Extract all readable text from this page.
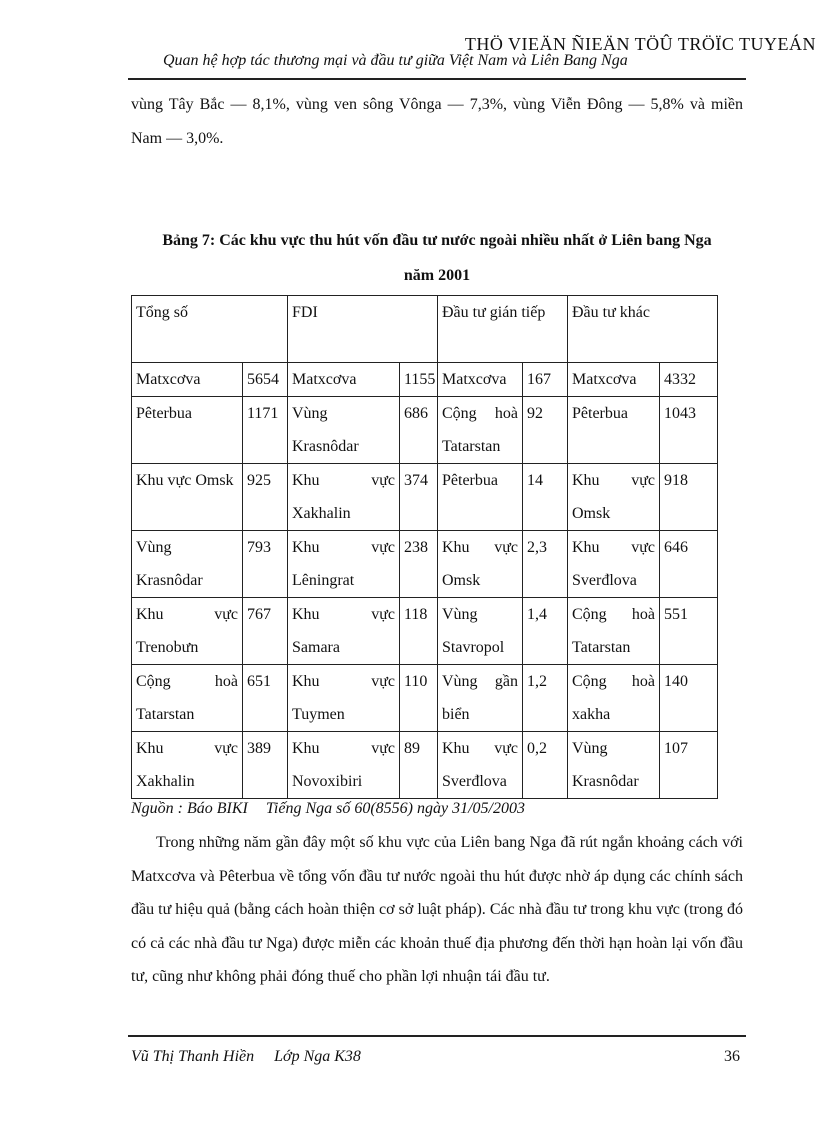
THÖ VIEÄN ÑIEÄN TÖÛ TRÖÏC TUYEÁN
Quan hệ hợp tác thương mại và đầu tư giữa Việt Nam và Liên Bang Nga

vùng Tây Bắc — 8,1%, vùng ven sông Vônga — 7,3%, vùng Viễn Đông — 5,8% và miền Nam — 3,0%.

Bảng 7: Các khu vực thu hút vốn đầu tư nước ngoài nhiều nhất ở Liên bang Nga
năm 2001
Tổng số		FDI		Đầu tư gián tiếp		Đầu tư khác	
Matxcơva	5654	Matxcơva	1155	Matxcơva	167	Matxcơva	4332
Pêterbua	1171	Vùng Krasnôdar	686	Cộng hoà Tatarstan	92	Pêterbua	1043
Khu vực Omsk	925	Khu vực Xakhalin	374	Pêterbua	14	Khu vực Omsk	918
Vùng Krasnôdar	793	Khu vực Lêningrat	238	Khu vực Omsk	2,3	Khu vực Sverđlova	646
Khu vực Trenobưn	767	Khu vực Samara	118	Vùng Stavropol	1,4	Cộng hoà Tatarstan	551
Cộng hoà Tatarstan	651	Khu vực Tuymen	110	Vùng gần biển	1,2	Cộng hoà xakha	140
Khu vực Xakhalin	389	Khu vực Novoxibiri	89	Khu vực Sverđlova	0,2	Vùng Krasnôdar	107
Nguồn : Báo BIKI Tiếng Nga số 60(8556) ngày 31/05/2003

Trong những năm gần đây một số khu vực của Liên bang Nga đã rút ngắn khoảng cách với Matxcơva và Pêterbua về tổng vốn đầu tư nước ngoài thu hút được nhờ áp dụng các chính sách đầu tư hiệu quả (bằng cách hoàn thiện cơ sở luật pháp). Các nhà đầu tư trong khu vực (trong đó có cả các nhà đầu tư Nga) được miễn các khoản thuế địa phương đến thời hạn hoàn lại vốn đầu tư, cũng như không phải đóng thuế cho phần lợi nhuận tái đầu tư.

Vũ Thị Thanh Hiền Lớp Nga K38	36
